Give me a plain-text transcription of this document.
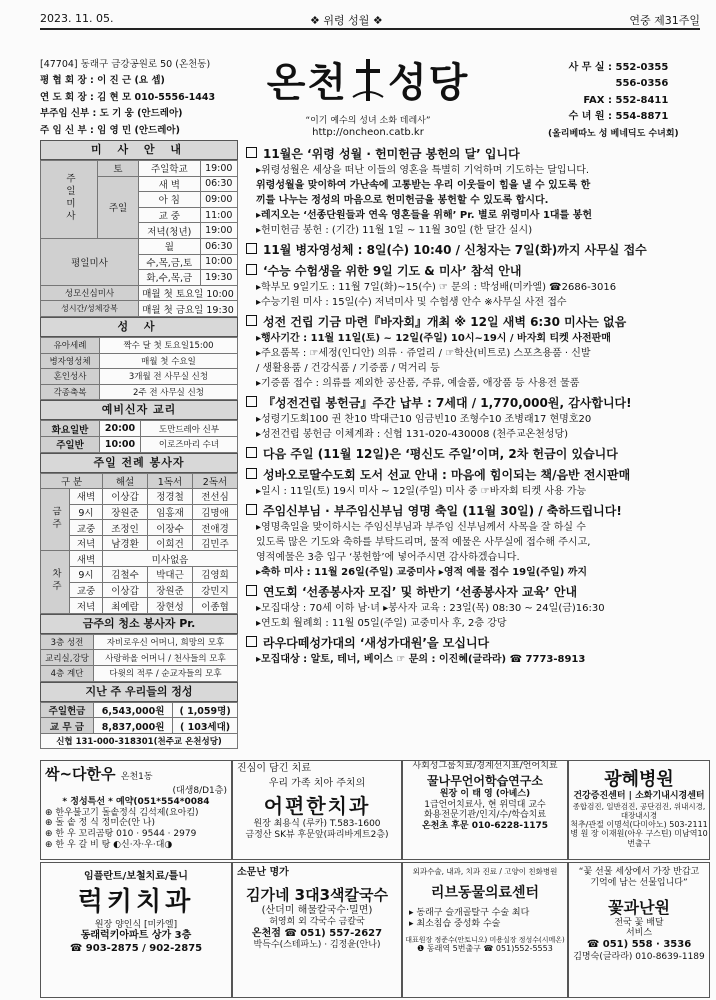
2023. 11. 05.	❖ 위령 성월 ❖	연중 제31주일
[47704] 동래구 금강공원로 50 (온천동)
평 협 회 장 : 이 진 근 (요 셉)
연 도 회 장 : 김 현 모 010-5556-1443
부주임 신부 : 도 기 웅 (안드레아)
주 임 신 부 : 임 영 민 (안드레아)
온천 성당
“이기 예수의 성녀 소화 데레사”
http://oncheon.catb.kr
사 무 실 : 552-0355
556-0356
FAX : 552-8411
수 녀 원 : 554-8871
(올리베따노 성 베네딕도 수녀회)
미 사 안 내
주일미사	토	주일학교	19:00
	주일	새 벽	06:30
		아 침	09:00
		교 중	11:00
		저녁(청년)	19:00
평일미사		월	06:30
		수,목,금,토	10:00
		화,수,목,금	19:30
성모신심미사		매월 첫 토요일 10:00	
성시간/성체강복		매월 첫 금요일 19:30	
성 사
유아세례	짝수 달 첫 토요일15:00
병자영성체	매월 첫 수요일
혼인성사	3개월 전 사무실 신청
각종축복	2주 전 사무실 신청
예비신자 교리
화요일반	20:00	도만드레아 신부
주일반	10:00	이로즈마리 수녀
주일 전례 봉사자
구 분		해설	1독서	2독서
금주	새벽	이상갑	정경철	전선심
	9시	장원준	임홍재	김명애
	교중	조정인	이장수	전애경
	저녁	남경환	이희건	김민주
차주	새벽	미사없음		
	9시	김철수	박대근	김영희
	교중	이상갑	장원준	강민지
	저녁	최예람	장현성	이종협
금주의 청소 봉사자 Pr.
3층 성전	자비로우신 어머니, 희망의 모후
교리실,강당	사랑하올 어머니 / 천사들의 모후
4층 계단	다윗의 적루 / 순교자들의 모후
지난 주 우리들의 정성
주일헌금	6,543,000원	( 1,059명)
교 무 금	8,837,000원	( 103세대)
신협 131-000-318301(천주교 온천성당)		
11월은 ‘위령 성월 · 헌미헌금 봉헌의 달’ 입니다
▸위령성월은 세상을 떠난 이들의 영혼을 특별히 기억하며 기도하는 달입니다.
위령성월을 맞이하여 가난속에 고통받는 우리 이웃들이 힘을 낼 수 있도록 한
끼를 나누는 정성의 마음으로 헌미헌금을 봉헌할 수 있도록 합시다.
▸레지오는 ‘선종단원들과 연옥 영혼들을 위해’ Pr. 별로 위령미사 1대를 봉헌
▸헌미헌금 봉헌 : (기간) 11월 1일 ~ 11월 30일 (한 달간 실시)
11월 병자영성체 : 8일(수) 10:40 / 신청자는 7일(화)까지 사무실 접수
‘수능 수험생을 위한 9일 기도 & 미사’ 참석 안내
▸학부모 9일기도 : 11월 7일(화)~15(수) ☞ 문의 : 박성배(미카엘) ☎2686-3016
▸수능기원 미사 : 15일(수) 저녁미사 및 수험생 안수 ※사무실 사전 접수
성전 건립 기금 마련『바자회』개최 ※ 12일 새벽 6:30 미사는 없음
▸행사기간 : 11월 11일(토) ~ 12일(주일) 10시~19시 / 바자회 티켓 사전판매
▸주요품목 : ☞세정(인디안) 의류 · 쥬얼리 / ☞학산(비트로) 스포츠용품 · 신발
/ 생활용품 / 건강식품 / 기증품 / 먹거리 등
▸기증품 접수 : 의류를 제외한 공산품, 주류, 예술품, 애장품 등 사용전 물품
『성전건립 봉헌금』주간 납부 : 7세대 / 1,770,000원, 감사합니다!
▸성령기도회100 권 찬10 박대근10 임금빈10 조형수10 조병래17 현명호20
▸성전건립 봉헌금 이체계좌 : 신협 131-020-430008 (천주교온천성당)
다음 주일 (11월 12일)은 ‘평신도 주일’이며, 2차 헌금이 있습니다
성바오로딸수도회 도서 선교 안내 : 마음에 힘이되는 책/음반 전시판매
▸일시 : 11일(토) 19시 미사 ~ 12일(주일) 미사 중 ☞바자회 티켓 사용 가능
주임신부님 · 부주임신부님 영명 축일 (11월 30일) / 축하드립니다!
▸영명축일을 맞이하시는 주임신부님과 부주임 신부님께서 사목을 잘 하실 수
있도록 많은 기도와 축하를 부탁드리며, 물적 예물은 사무실에 접수해 주시고,
영적예물은 3층 입구 ‘봉헌함’에 넣어주시면 감사하겠습니다.
▸축하 미사 : 11월 26일(주일) 교중미사 ▸영적 예물 접수 19일(주일) 까지
연도회 ‘선종봉사자 모집’ 및 하반기 ‘선종봉사자 교육’ 안내
▸모집대상 : 70세 이하 남·녀 ▸봉사자 교육 : 23일(목) 08:30 ~ 24일(금)16:30
▸연도회 월례회 : 11월 05일(주일) 교중미사 후, 2층 강당
라우다떼성가대의 ‘새성가대원’을 모십니다
▸모집대상 : 알토, 테너, 베이스 ☞ 문의 : 이진혜(글라라) ☎ 7773-8913
싹~다한우 온천1동
(대생8/D1층)
* 정성특선 * 예약(051*554*0084
⊕ 한우불고기 돌솥정식 김석제(요아킴)
⊕ 돌 솥 정 식 정미순(안 나)
⊕ 한 우 꼬리곰탕 010 · 9544 · 2979
⊕ 한 우 갈 비 탕 ◐신·자·우·대◑
진심이 담긴 치료
우리 가족 치아 주치의
어편한치과
원장 최용식 (루카) T.583-1600
금정산 SK뷰 후문앞(파리바게트2층)
사회성그룹치료/경계선지표/언어치료
꿀나무언어학습연구소
원장 이 태 영 (아녜스)
1급언어치료사, 현 위덕대 교수
화용전문기관/인지/수/학습치료
온천초 후문 010-6228-1175
광혜병원
건강증진센터 | 소화기내시경센터
종합검진, 일반검진, 공단검진, 위내시경, 대장내시경
척추/관절 이명석(다미아노) 503-2111
병 원 장 이재원(아우 구스틴) 미남역10번출구
임플란트/보철치료/틀니
럭키치과
원장 양인식 [미카엘]
동래럭키아파트 상가 3층
☎ 903-2875 / 902-2875
소문난 명가
김가네 3대3색칼국수
(산더미 해물칼국수·밀면)
허영희 외 각국수 금칼국
온천점 ☎ 051) 557-2627
박득수(스테파노) · 김정윤(안나)
외과수술, 내과, 치과 진료 / 고양이 친화병원
리브동물의료센터
▸ 동래구 슬개골탈구 수술 최다
▸ 최소침습 중성화 수술
대표원장 정준수(안토니오) 미용실장 정성수(시메온)
❶ 동래역 5번출구 ☎ 051)552-5553
“꽃 선물 세상에서 가장 반갑고
기억에 남는 선물입니다”
꽃과난원
전국 꽃 배달
서비스
☎ 051) 558 · 3536
김명숙(글라라) 010-8639-1189
